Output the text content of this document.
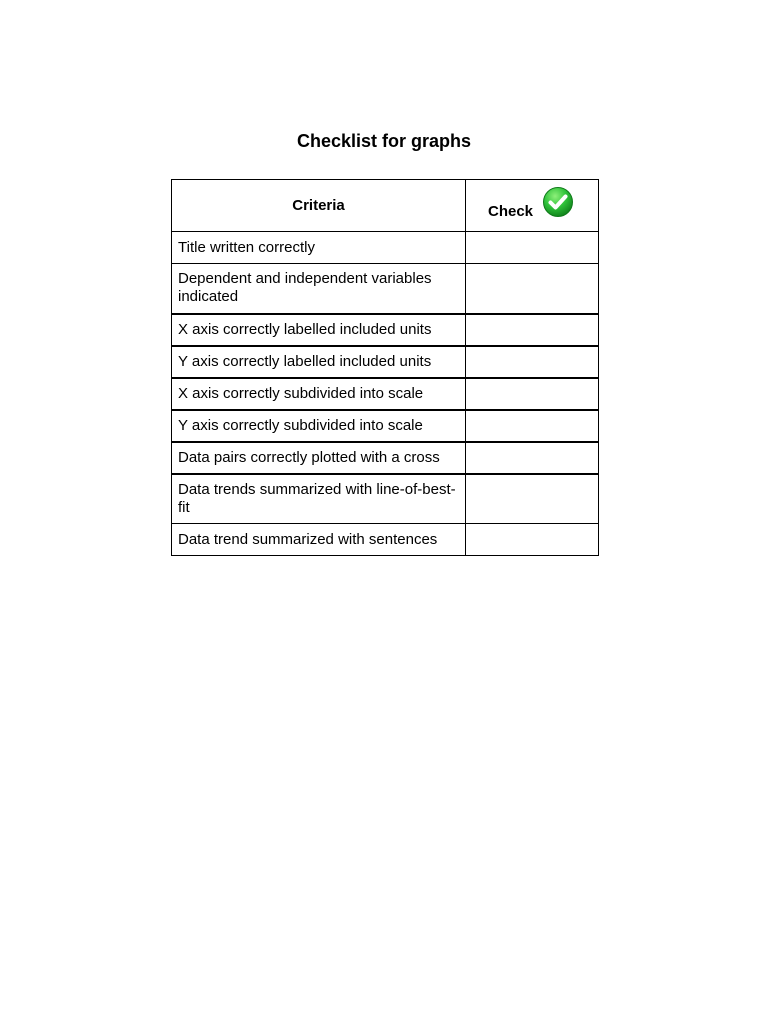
Checklist for graphs
Criteria	Check

Title written correctly	
Dependent and independent variables indicated	
X axis correctly labelled included units	
Y axis correctly labelled included units	
X axis correctly subdivided into scale	
Y axis correctly subdivided into scale	
Data pairs correctly plotted with a cross	
Data trends summarized with line-of-best-fit	
Data trend summarized with sentences	
